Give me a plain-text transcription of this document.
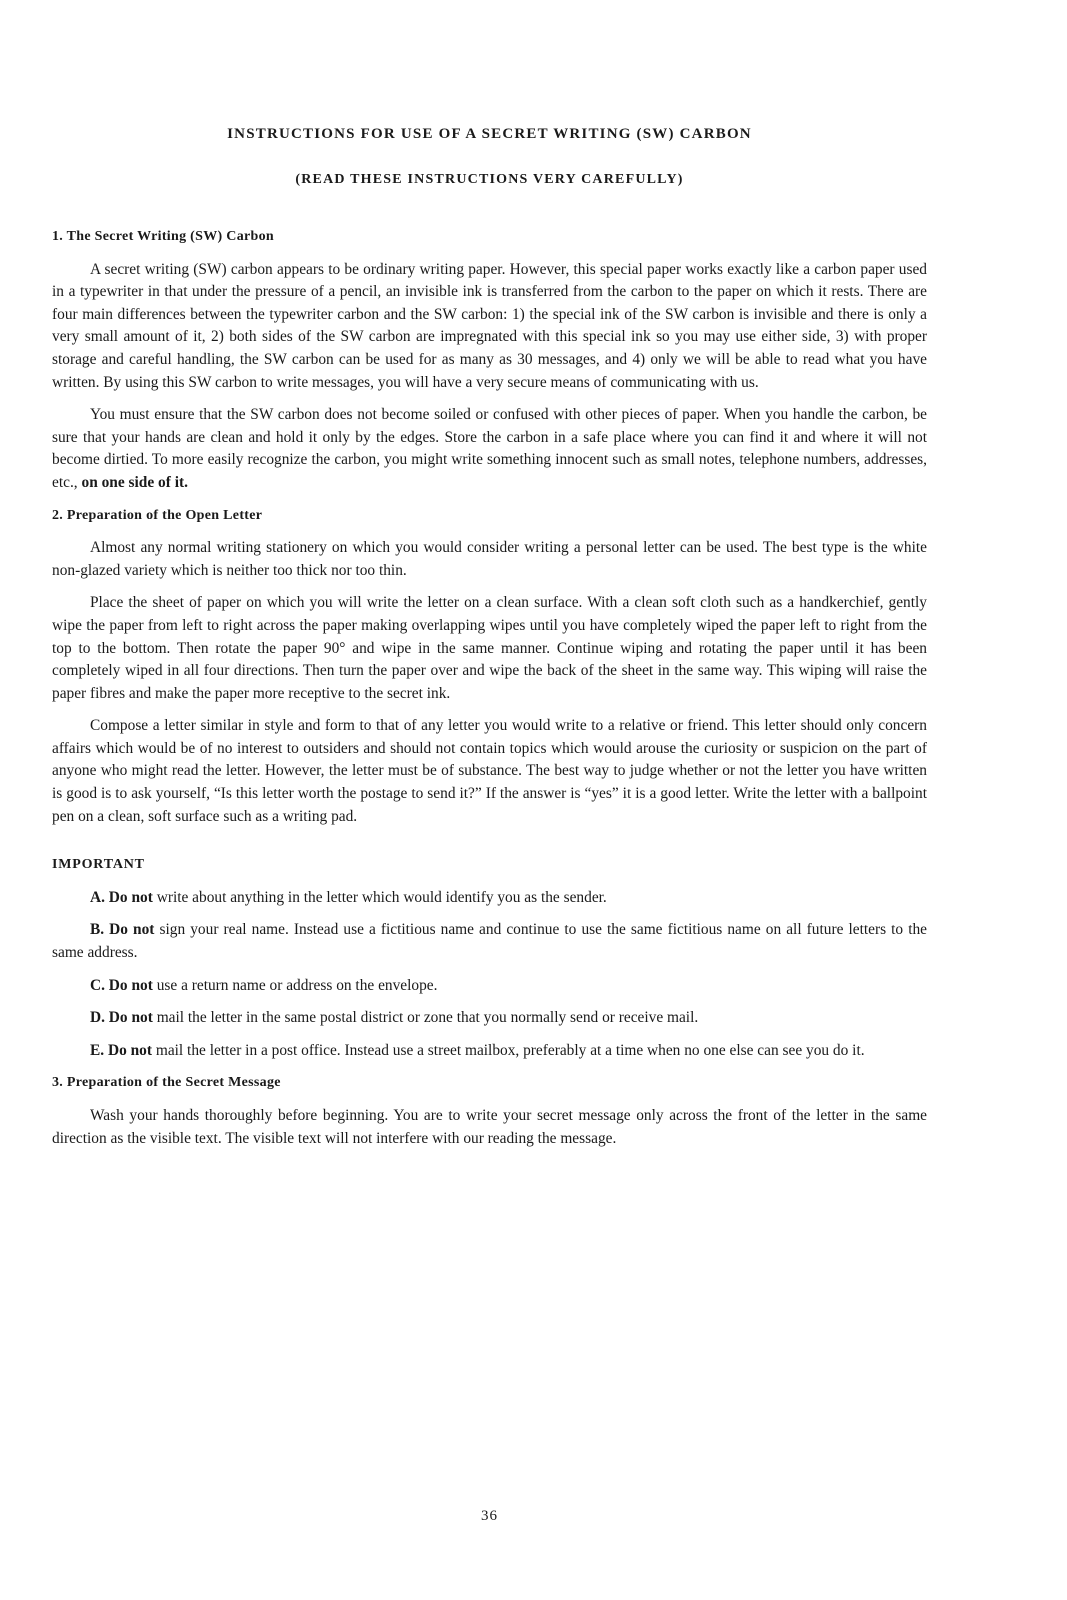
INSTRUCTIONS FOR USE OF A SECRET WRITING (SW) CARBON
(READ THESE INSTRUCTIONS VERY CAREFULLY)
1. The Secret Writing (SW) Carbon

A secret writing (SW) carbon appears to be ordinary writing paper. However, this special paper works exactly like a carbon paper used in a typewriter in that under the pressure of a pencil, an invisible ink is transferred from the carbon to the paper on which it rests. There are four main differences between the typewriter carbon and the SW carbon: 1) the special ink of the SW carbon is invisible and there is only a very small amount of it, 2) both sides of the SW carbon are impregnated with this special ink so you may use either side, 3) with proper storage and careful handling, the SW carbon can be used for as many as 30 messages, and 4) only we will be able to read what you have written. By using this SW carbon to write messages, you will have a very secure means of communicating with us.

You must ensure that the SW carbon does not become soiled or confused with other pieces of paper. When you handle the carbon, be sure that your hands are clean and hold it only by the edges. Store the carbon in a safe place where you can find it and where it will not become dirtied. To more easily recognize the carbon, you might write something innocent such as small notes, telephone numbers, addresses, etc., on one side of it.

2. Preparation of the Open Letter

Almost any normal writing stationery on which you would consider writing a personal letter can be used. The best type is the white non-glazed variety which is neither too thick nor too thin.

Place the sheet of paper on which you will write the letter on a clean surface. With a clean soft cloth such as a handkerchief, gently wipe the paper from left to right across the paper making overlapping wipes until you have completely wiped the paper left to right from the top to the bottom. Then rotate the paper 90° and wipe in the same manner. Continue wiping and rotating the paper until it has been completely wiped in all four directions. Then turn the paper over and wipe the back of the sheet in the same way. This wiping will raise the paper fibres and make the paper more receptive to the secret ink.

Compose a letter similar in style and form to that of any letter you would write to a relative or friend. This letter should only concern affairs which would be of no interest to outsiders and should not contain topics which would arouse the curiosity or suspicion on the part of anyone who might read the letter. However, the letter must be of substance. The best way to judge whether or not the letter you have written is good is to ask yourself, “Is this letter worth the postage to send it?” If the answer is “yes” it is a good letter. Write the letter with a ballpoint pen on a clean, soft surface such as a writing pad.

IMPORTANT

A. Do not write about anything in the letter which would identify you as the sender.

B. Do not sign your real name. Instead use a fictitious name and continue to use the same fictitious name on all future letters to the same address.

C. Do not use a return name or address on the envelope.

D. Do not mail the letter in the same postal district or zone that you normally send or receive mail.

E. Do not mail the letter in a post office. Instead use a street mailbox, preferably at a time when no one else can see you do it.

3. Preparation of the Secret Message

Wash your hands thoroughly before beginning. You are to write your secret message only across the front of the letter in the same direction as the visible text. The visible text will not interfere with our reading the message.

36
